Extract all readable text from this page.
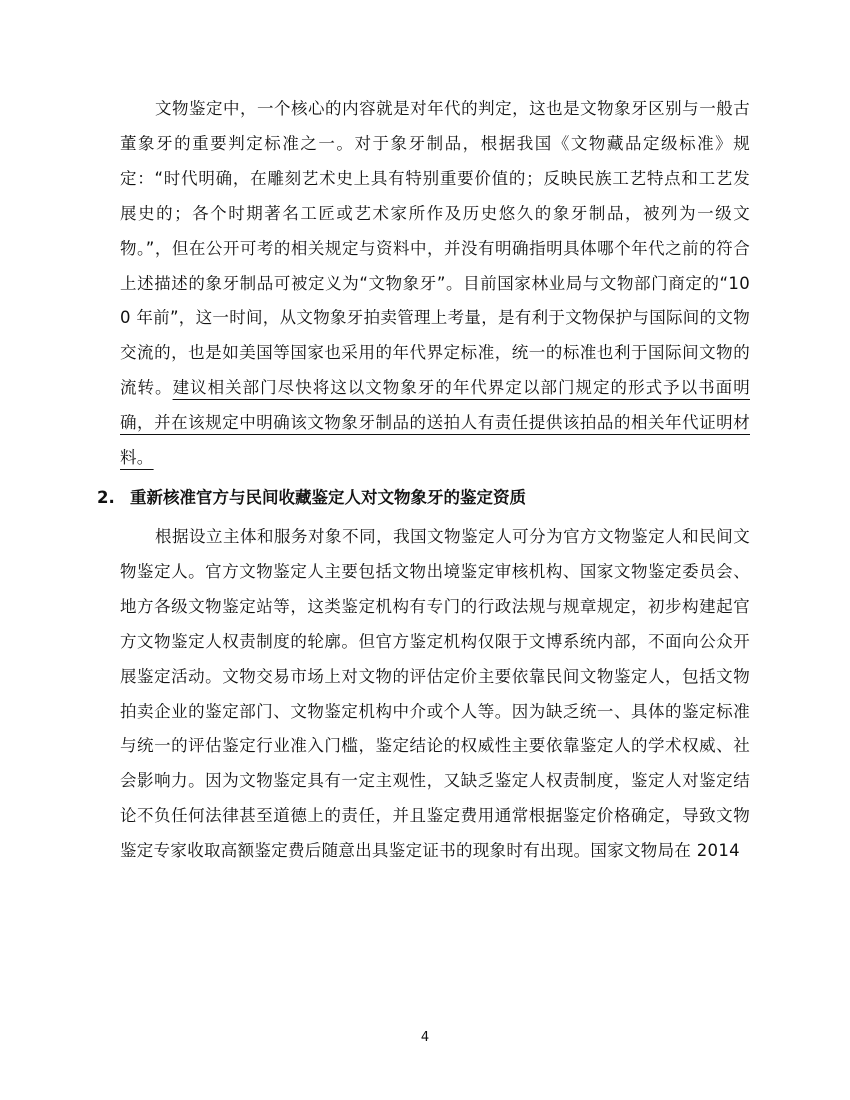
文物鉴定中，一个核心的内容就是对年代的判定，这也是文物象牙区别与一般古董象牙的重要判定标准之一。对于象牙制品，根据我国《文物藏品定级标准》规定：“时代明确，在雕刻艺术史上具有特别重要价值的；反映民族工艺特点和工艺发展史的；各个时期著名工匠或艺术家所作及历史悠久的象牙制品，被列为一级文物。”，但在公开可考的相关规定与资料中，并没有明确指明具体哪个年代之前的符合上述描述的象牙制品可被定义为“文物象牙”。目前国家林业局与文物部门商定的“100 年前”，这一时间，从文物象牙拍卖管理上考量，是有利于文物保护与国际间的文物交流的，也是如美国等国家也采用的年代界定标准，统一的标准也利于国际间文物的流转。建议相关部门尽快将这以文物象牙的年代界定以部门规定的形式予以书面明确，并在该规定中明确该文物象牙制品的送拍人有责任提供该拍品的相关年代证明材料。

2. 重新核准官方与民间收藏鉴定人对文物象牙的鉴定资质

根据设立主体和服务对象不同，我国文物鉴定人可分为官方文物鉴定人和民间文物鉴定人。官方文物鉴定人主要包括文物出境鉴定审核机构、国家文物鉴定委员会、地方各级文物鉴定站等，这类鉴定机构有专门的行政法规与规章规定，初步构建起官方文物鉴定人权责制度的轮廓。但官方鉴定机构仅限于文博系统内部，不面向公众开展鉴定活动。文物交易市场上对文物的评估定价主要依靠民间文物鉴定人，包括文物拍卖企业的鉴定部门、文物鉴定机构中介或个人等。因为缺乏统一、具体的鉴定标准与统一的评估鉴定行业准入门槛，鉴定结论的权威性主要依靠鉴定人的学术权威、社会影响力。因为文物鉴定具有一定主观性，又缺乏鉴定人权责制度，鉴定人对鉴定结论不负任何法律甚至道德上的责任，并且鉴定费用通常根据鉴定价格确定，导致文物鉴定专家收取高额鉴定费后随意出具鉴定证书的现象时有出现。国家文物局在 2014

4
